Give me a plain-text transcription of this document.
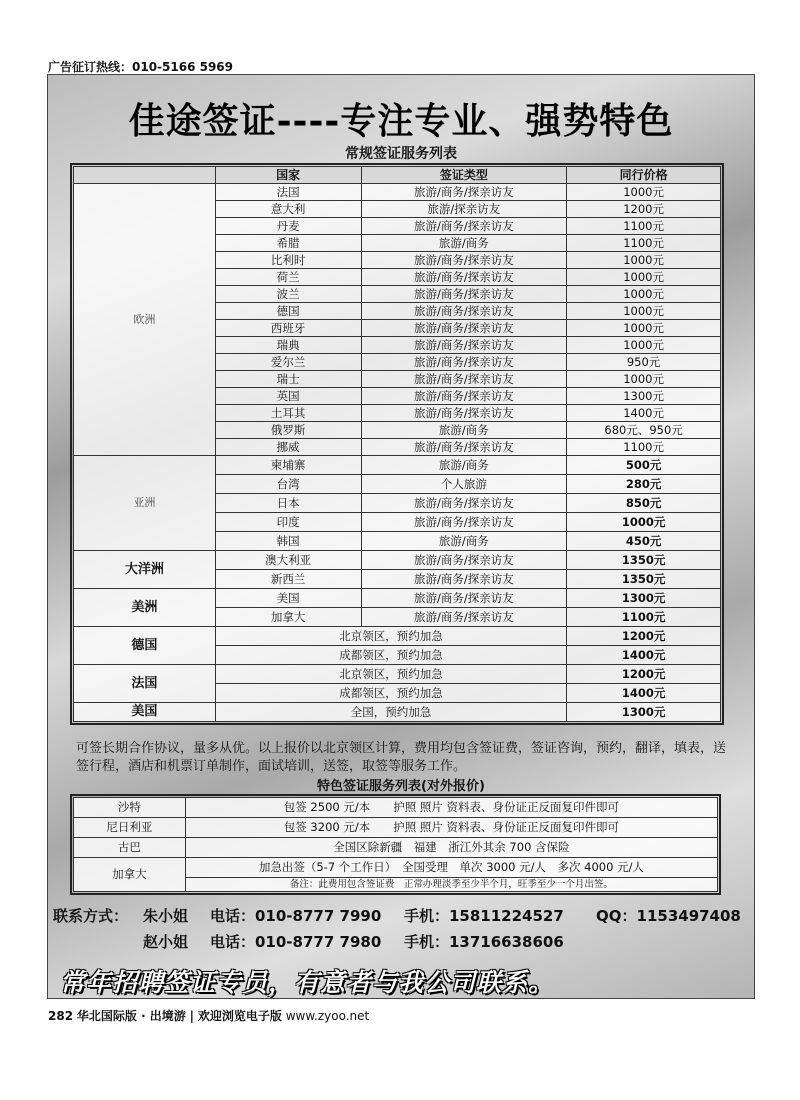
广告征订热线：010-5166 5969
佳途签证----专注专业、强势特色
常规签证服务列表
	国家	签证类型	同行价格
欧洲	法国	旅游/商务/探亲访友	1000元
	意大利	旅游/探亲访友	1200元
	丹麦	旅游/商务/探亲访友	1100元
	希腊	旅游/商务	1100元
	比利时	旅游/商务/探亲访友	1000元
	荷兰	旅游/商务/探亲访友	1000元
	波兰	旅游/商务/探亲访友	1000元
	德国	旅游/商务/探亲访友	1000元
	西班牙	旅游/商务/探亲访友	1000元
	瑞典	旅游/商务/探亲访友	1000元
	爱尔兰	旅游/商务/探亲访友	950元
	瑞士	旅游/商务/探亲访友	1000元
	英国	旅游/商务/探亲访友	1300元
	土耳其	旅游/商务/探亲访友	1400元
	俄罗斯	旅游/商务	680元、950元
	挪威	旅游/商务/探亲访友	1100元
亚洲	柬埔寨	旅游/商务	500元
	台湾	个人旅游	280元
	日本	旅游/商务/探亲访友	850元
	印度	旅游/商务/探亲访友	1000元
	韩国	旅游/商务	450元
大洋洲	澳大利亚	旅游/商务/探亲访友	1350元
	新西兰	旅游/商务/探亲访友	1350元
美洲	美国	旅游/商务/探亲访友	1300元
	加拿大	旅游/商务/探亲访友	1100元
德国	北京领区，预约加急		1200元
	成都领区，预约加急		1400元
法国	北京领区，预约加急		1200元
	成都领区，预约加急		1400元
美国	全国，预约加急		1300元
可签长期合作协议，量多从优。以上报价以北京领区计算，费用均包含签证费，签证咨询，预约，翻译，填表，送签行程，酒店和机票订单制作，面试培训，送签，取签等服务工作。
特色签证服务列表(对外报价)
沙特	包签 2500 元/本　　护照 照片 资料表、身份证正反面复印件即可
尼日利亚	包签 3200 元/本　　护照 照片 资料表、身份证正反面复印件即可
古巴	全国区除新疆　福建　浙江外其余 700 含保险
加拿大	加急出签（5-7 个工作日）　全国受理　单次 3000 元/人　多次 4000 元/人
	备注：此费用包含签证费　正常办理淡季至少半个月，旺季至少一个月出签。
联系方式： 朱小姐 电话：010-8777 7990 手机：15811224527 QQ：1153497408
赵小姐 电话：010-8777 7980 手机：13716638606
常年招聘签证专员，有意者与我公司联系。
282 华北国际版 · 出境游 | 欢迎浏览电子版 www.zyoo.net
